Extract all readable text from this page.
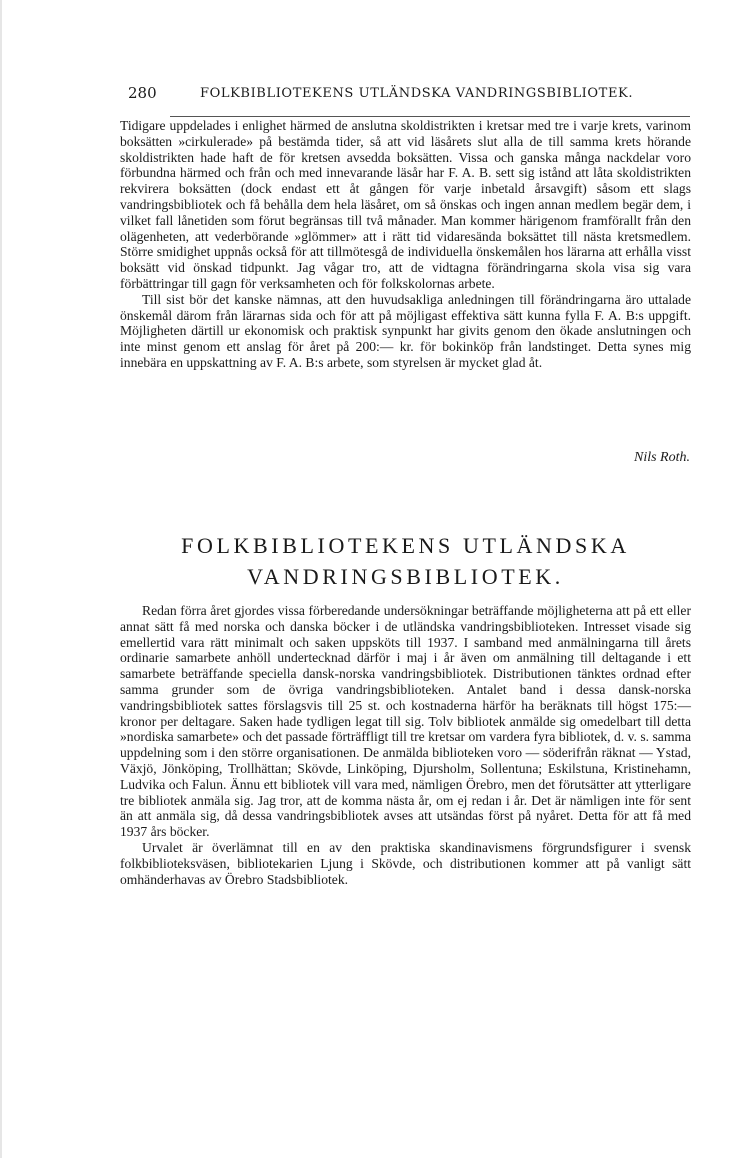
280	FOLKBIBLIOTEKENS UTLÄNDSKA VANDRINGSBIBLIOTEK.

Tidigare uppdelades i enlighet härmed de anslutna skoldistrikten i kretsar med tre i varje krets, varinom boksätten »cirkulerade» på bestämda tider, så att vid läsårets slut alla de till samma krets hörande skoldistrikten hade haft de för kretsen avsedda boksätten. Vissa och ganska många nackdelar voro förbundna härmed och från och med innevarande läsår har F. A. B. sett sig istånd att låta skoldistrikten rekvirera boksätten (dock endast ett åt gången för varje inbetald årsavgift) såsom ett slags vandringsbibliotek och få behålla dem hela läsåret, om så önskas och ingen annan medlem begär dem, i vilket fall lånetiden som förut begränsas till två månader. Man kommer härigenom framförallt från den olägenheten, att vederbörande »glömmer» att i rätt tid vidaresända boksättet till nästa kretsmedlem. Större smidighet uppnås också för att tillmötesgå de individuella önskemålen hos lärarna att erhålla visst boksätt vid önskad tidpunkt. Jag vågar tro, att de vidtagna förändringarna skola visa sig vara förbättringar till gagn för verksamheten och för folkskolornas arbete.

Till sist bör det kanske nämnas, att den huvudsakliga anledningen till förändringarna äro uttalade önskemål därom från lärarnas sida och för att på möjligast effektiva sätt kunna fylla F. A. B:s uppgift. Möjligheten därtill ur ekonomisk och praktisk synpunkt har givits genom den ökade anslutningen och inte minst genom ett anslag för året på 200:— kr. för bokinköp från landstinget. Detta synes mig innebära en uppskattning av F. A. B:s arbete, som styrelsen är mycket glad åt.

Nils Roth.
FOLKBIBLIOTEKENS UTLÄNDSKA
VANDRINGSBIBLIOTEK.

Redan förra året gjordes vissa förberedande undersökningar beträffande möjligheterna att på ett eller annat sätt få med norska och danska böcker i de utländska vandringsbiblioteken. Intresset visade sig emellertid vara rätt minimalt och saken uppsköts till 1937. I samband med anmälningarna till årets ordinarie samarbete anhöll undertecknad därför i maj i år även om anmälning till deltagande i ett samarbete beträffande speciella dansk-norska vandringsbibliotek. Distributionen tänktes ordnad efter samma grunder som de övriga vandringsbiblioteken. Antalet band i dessa dansk-norska vandringsbibliotek sattes förslagsvis till 25 st. och kostnaderna härför ha beräknats till högst 175:— kronor per deltagare. Saken hade tydligen legat till sig. Tolv bibliotek anmälde sig omedelbart till detta »nordiska samarbete» och det passade förträffligt till tre kretsar om vardera fyra bibliotek, d. v. s. samma uppdelning som i den större organisationen. De anmälda biblioteken voro — söderifrån räknat — Ystad, Växjö, Jönköping, Trollhättan; Skövde, Linköping, Djursholm, Sollentuna; Eskilstuna, Kristinehamn, Ludvika och Falun. Ännu ett bibliotek vill vara med, nämligen Örebro, men det förutsätter att ytterligare tre bibliotek anmäla sig. Jag tror, att de komma nästa år, om ej redan i år. Det är nämligen inte för sent än att anmäla sig, då dessa vandringsbibliotek avses att utsändas först på nyåret. Detta för att få med 1937 års böcker.

Urvalet är överlämnat till en av den praktiska skandinavismens förgrundsfigurer i svensk folkbiblioteksväsen, bibliotekarien Ljung i Skövde, och distributionen kommer att på vanligt sätt omhänderhavas av Örebro Stadsbibliotek.
